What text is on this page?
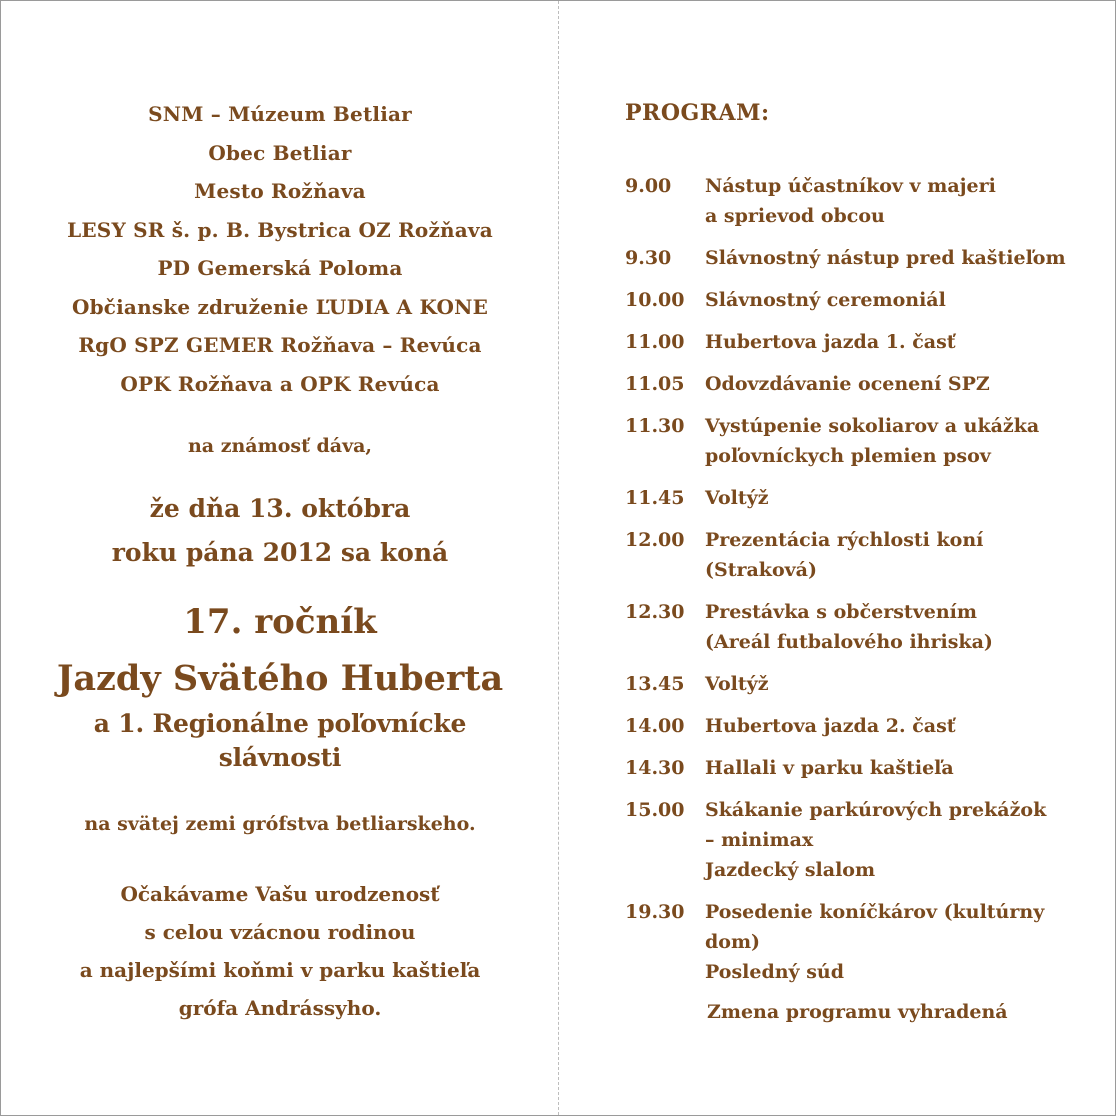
SNM – Múzeum Betliar
Obec Betliar
Mesto Rožňava
LESY SR š. p. B. Bystrica OZ Rožňava
PD Gemerská Poloma
Občianske združenie ĽUDIA A KONE
RgO SPZ GEMER Rožňava – Revúca
OPK Rožňava a OPK Revúca
na známosť dáva,
že dňa 13. októbra
roku pána 2012 sa koná
17. ročník
Jazdy Svätého Huberta
a 1. Regionálne poľovnícke slávnosti
na svätej zemi grófstva betliarskeho.
Očakávame Vašu urodzenosť
s celou vzácnou rodinou
a najlepšími koňmi v parku kaštieľa
grófa Andrássyho.
PROGRAM:
9.00	Nástup účastníkov v majeri
a sprievod obcou
9.30	Slávnostný nástup pred kaštieľom
10.00	Slávnostný ceremoniál
11.00	Hubertova jazda 1. časť
11.05	Odovzdávanie ocenení SPZ
11.30	Vystúpenie sokoliarov a ukážka
poľovníckych plemien psov
11.45	Voltýž
12.00	Prezentácia rýchlosti koní (Straková)
12.30	Prestávka s občerstvením
(Areál futbalového ihriska)
13.45	Voltýž
14.00	Hubertova jazda 2. časť
14.30	Hallali v parku kaštieľa
15.00	Skákanie parkúrových prekážok
– minimax
Jazdecký slalom
19.30	Posedenie koníčkárov (kultúrny dom)
Posledný súd
Zmena programu vyhradená
